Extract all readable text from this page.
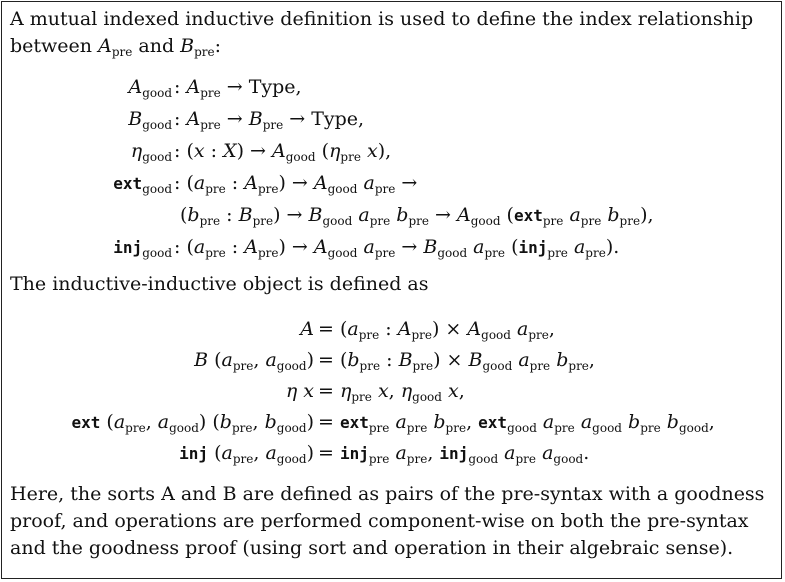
A mutual indexed inductive definition is used to define the index relationship between $A_{pre}$ and $B_{pre}$:

$A_{good}$ : $A_{pre}$ → Type,
$B_{good}$ : $A_{pre} \to B_{pre}$ → Type,
$\eta_{good}$ : (x : $X) \to A_{good}$ ($\eta_{pre}$ x),
ext$_{good}$ : ($a_{pre}$ : $A_{pre}) \to A_{good}$ $a_{pre}$ →
($b_{pre}$ : $B_{pre}) \to B_{good}$ $a_{pre}$ $b_{pre} \to A_{good}$ (ext$_{pre}$ $a_{pre}$ $b_{pre}$),
inj$_{good}$ : ($a_{pre}$ : $A_{pre}) \to A_{good}$ $a_{pre} \to B_{good}$ $a_{pre}$ (inj$_{pre}$ $a_{pre}$).

The inductive-inductive object is defined as

$A = (a_{pre}$ : $A_{pre}) \times A_{good}$ $a_{pre}$,
B ($a_{pre}$, $a_{good}) = (b_{pre}$ : $B_{pre}) \times B_{good}$ $a_{pre}$ $b_{pre}$,
η $x = \eta_{pre}$ x, $\eta_{good}$ x,
ext ($a_{pre}$, $a_{good}$) ($b_{pre}$, $b_{good}) = ext_{pre}$ $a_{pre}$ $b_{pre}$, ext$_{good}$ $a_{pre}$ $a_{good}$ $b_{pre}$ $b_{good}$,
inj ($a_{pre}$, $a_{good}) = inj_{pre}$ $a_{pre}$, inj$_{good}$ $a_{pre}$ $a_{good}$.

Here, the sorts A and B are defined as pairs of the pre-syntax with a goodness proof, and operations are performed component-wise on both the pre-syntax and the goodness proof (using sort and operation in their algebraic sense).
